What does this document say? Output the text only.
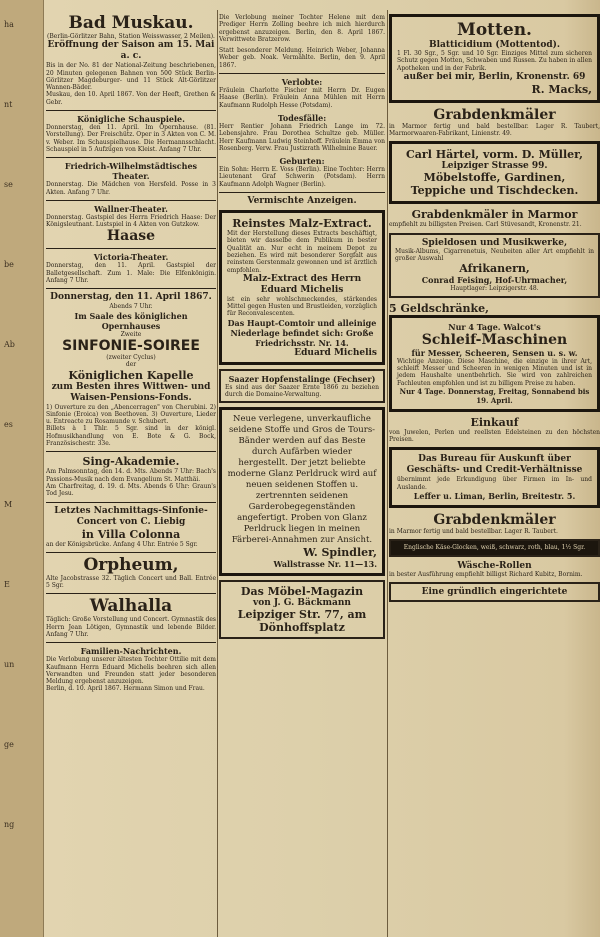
ha
nt
se
be
Ab
es
M
E
un
ge
ng
Bad Muskau.
(Berlin-Görlitzer Bahn, Station Weisswasser, 2 Meilen).
Eröffnung der Saison am 15. Mai a. c.
Bis in der No. 81 der National-Zeitung beschriebenen, 20 Minuten gelegenen Bahnen von 500 Stück Berlin-Görlitzer Magdeburger- und 11 Stück Alt-Görlitzer Wannen-Bäder.
Muskau, den 10. April 1867. Von der Heeft, Grethen & Gebr.
Königliche Schauspiele.
Donnerstag, den 11. April. Im Opernhause. (81. Vorstellung). Der Freischütz. Oper in 3 Akten von C. M. v. Weber. Im Schauspielhause. Die Hermannsschlacht. Schauspiel in 5 Aufzügen von Kleist. Anfang 7 Uhr.
Friedrich-Wilhelmstädtisches Theater.
Donnerstag. Die Mädchen von Hersfeld. Posse in 3 Akten. Anfang 7 Uhr.
Wallner-Theater.
Donnerstag. Gastspiel des Herrn Friedrich Haase: Der Königsleutnant. Lustspiel in 4 Akten von Gutzkow.
Haase
Victoria-Theater.
Donnerstag, den 11. April. Gastspiel der Balletgesellschaft. Zum 1. Male: Die Elfenkönigin. Anfang 7 Uhr.
Donnerstag, den 11. April 1867.
Abends 7 Uhr.
Im Saale des königlichen Opernhauses
Zweite
SINFONIE-SOIREE
(zweiter Cyclus)
der
Königlichen Kapelle
zum Besten ihres Wittwen- und Waisen-Pensions-Fonds.
1) Ouverture zu den „Abencerragen" von Cherubini. 2) Sinfonie (Eroica) von Beethoven. 3) Ouverture, Lieder u. Entreacte zu Rosamunde v. Schubert.
Billets à 1 Thlr. 5 Sgr. sind in der königl. Hofmusikhandlung von E. Bote & G. Bock, Französischestr. 33e.
Sing-Akademie.
Am Palmsonntag, den 14. d. Mts. Abends 7 Uhr: Bach's Passions-Musik nach dem Evangelium St. Matthäi.
Am Charfreitag, d. 19. d. Mts. Abends 6 Uhr: Graun's Tod Jesu.
Letztes Nachmittags-Sinfonie-Concert von C. Liebig
in Villa Colonna
an der Königsbrücke. Anfang 4 Uhr. Entrée 5 Sgr.
Orpheum,
Alte Jacobstrasse 32. Täglich Concert und Ball. Entrée 5 Sgr.
Walhalla
Täglich: Große Vorstellung und Concert. Gymnastik des Herrn Jean Lötigen, Gymnastik und lebende Bilder. Anfang 7 Uhr.
Familien-Nachrichten.
Die Verlobung unserer ältesten Tochter Ottilie mit dem Kaufmann Herrn Eduard Michelis beehren sich allen Verwandten und Freunden statt jeder besonderen Meldung ergebenst anzuzeigen.
Berlin, d. 10. April 1867. Hermann Simon und Frau.
Die Verlobung meiner Tochter Helene mit dem Prediger Herrn Zolling beehre ich mich hierdurch ergebenst anzuzeigen. Berlin, den 8. April 1867. Verwittwete Bratzerow.
Statt besonderer Meldung. Heinrich Weber, Johanna Weber geb. Noak. Vermählte. Berlin, den 9. April 1867.
Verlobte:
Fräulein Charlotte Fischer mit Herrn Dr. Eugen Haase (Berlin). Fräulein Anna Mühlen mit Herrn Kaufmann Rudolph Hesse (Potsdam).
Todesfälle:
Herr Rentier Johann Friedrich Lange im 72. Lebensjahre. Frau Dorothea Schultze geb. Müller. Herr Kaufmann Ludwig Steinhoff. Fräulein Emma von Rosenberg. Verw. Frau Justizrath Wilhelmine Bauer.
Geburten:
Ein Sohn: Herrn E. Voss (Berlin). Eine Tochter: Herrn Lieutenant Graf Schwerin (Potsdam). Herrn Kaufmann Adolph Wagner (Berlin).
Vermischte Anzeigen.
Reinstes Malz-Extract.
Mit der Herstellung dieses Extracts beschäftigt, bieten wir dasselbe dem Publikum in bester Qualität an. Nur echt in meinem Depot zu beziehen. Es wird mit besonderer Sorgfalt aus reinstem Gerstenmalz gewonnen und ist ärztlich empfohlen.
Malz-Extract des Herrn Eduard Michelis
ist ein sehr wohlschmeckendes, stärkendes Mittel gegen Husten und Brustleiden, vorzüglich für Reconvalescenten.
Das Haupt-Comtoir und alleinige Niederlage befindet sich: Große Friedrichsstr. Nr. 14.
Eduard Michelis
Saazer Hopfenstalinge (Fechser)
Es sind aus der Saazer Ernte 1866 zu beziehen durch die Domaine-Verwaltung.
Neue verlegene, unverkaufliche seidene Stoffe und Gros de Tours-Bänder werden auf das Beste durch Aufärben wieder hergestellt. Der jetzt beliebte moderne Glanz Perldruck wird auf neuen seidenen Stoffen u. zertrennten seidenen Garderobegegenständen angefertigt. Proben von Glanz Perldruck liegen in meinen Färberei-Annahmen zur Ansicht.
W. Spindler,
Wallstrasse Nr. 11—13.
Das Möbel-Magazin
von J. G. Bäckmann
Leipziger Str. 77, am Dönhoffsplatz
Motten.
Blatticidium (Mottentod).
1 Fl. 30 Sgr., 5 Sgr. und 10 Sgr. Einziges Mittel zum sicheren Schutz gegen Motten, Schwaben und Russen. Zu haben in allen Apotheken und in der Fabrik.
außer bei mir, Berlin, Kronenstr. 69
R. Macks,
Grabdenkmäler
in Marmor fertig und bald bestellbar. Lager R. Taubert, Marmorwaaren-Fabrikant, Linienstr. 49.
Carl Härtel, vorm. D. Müller,
Leipziger Strasse 99.
Möbelstoffe, Gardinen, Teppiche und Tischdecken.
Grabdenkmäler in Marmor
empfiehlt zu billigsten Preisen. Carl Stüvesandt, Kronenstr. 21.
Spieldosen und Musikwerke,
Musik-Albums, Cigarrenetuis, Neuheiten aller Art empfiehlt in großer Auswahl
Afrikanern,
Conrad Feising, Hof-Uhrmacher,
Hauptlager: Leipzigerstr. 48.
5 Geldschränke,
Nur 4 Tage. Walcot's
Schleif-Maschinen
für Messer, Scheeren, Sensen u. s. w.
Wichtige Anzeige. Diese Maschine, die einzige in ihrer Art, schleift Messer und Scheeren in wenigen Minuten und ist in jedem Haushalte unentbehrlich. Sie wird von zahlreichen Fachleuten empfohlen und ist zu billigem Preise zu haben.
Nur 4 Tage. Donnerstag, Freitag, Sonnabend bis 19. April.
Einkauf
von Juwelen, Perlen und reellsten Edelsteinen zu den höchsten Preisen.
Das Bureau für Auskunft über Geschäfts- und Credit-Verhältnisse
übernimmt jede Erkundigung über Firmen im In- und Auslande.
Leffer u. Liman, Berlin, Breitestr. 5.
Grabdenkmäler
in Marmor fertig und bald bestellbar. Lager R. Taubert.
Englische Käse-Glocken, weiß, schwarz, roth, blau, 1½ Sgr.
Wäsche-Rollen
in bester Ausführung empfiehlt billigst Richard Kubitz, Bornim.
Eine gründlich eingerichtete
